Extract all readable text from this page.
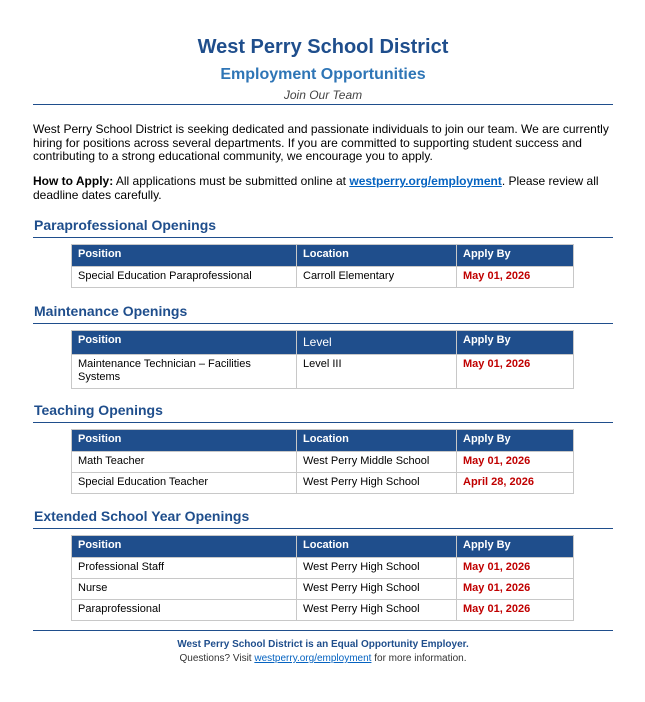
West Perry School District
Employment Opportunities

Join Our Team

West Perry School District is seeking dedicated and passionate individuals to join our team. We are currently hiring for positions across several departments. If you are committed to supporting student success and contributing to a strong educational community, we encourage you to apply.

How to Apply: All applications must be submitted online at westperry.org/employment. Please review all deadline dates carefully.

Paraprofessional Openings
Position	Location	Apply By
Special Education Paraprofessional	Carroll Elementary	May 01, 2026
Maintenance Openings
Position	Level	Apply By
Maintenance Technician – Facilities Systems	Level III	May 01, 2026
Teaching Openings
Position	Location	Apply By
Math Teacher	West Perry Middle School	May 01, 2026
Special Education Teacher	West Perry High School	April 28, 2026
Extended School Year Openings
Position	Location	Apply By
Professional Staff	West Perry High School	May 01, 2026
Nurse	West Perry High School	May 01, 2026
Paraprofessional	West Perry High School	May 01, 2026

West Perry School District is an Equal Opportunity Employer.

Questions? Visit westperry.org/employment for more information.
